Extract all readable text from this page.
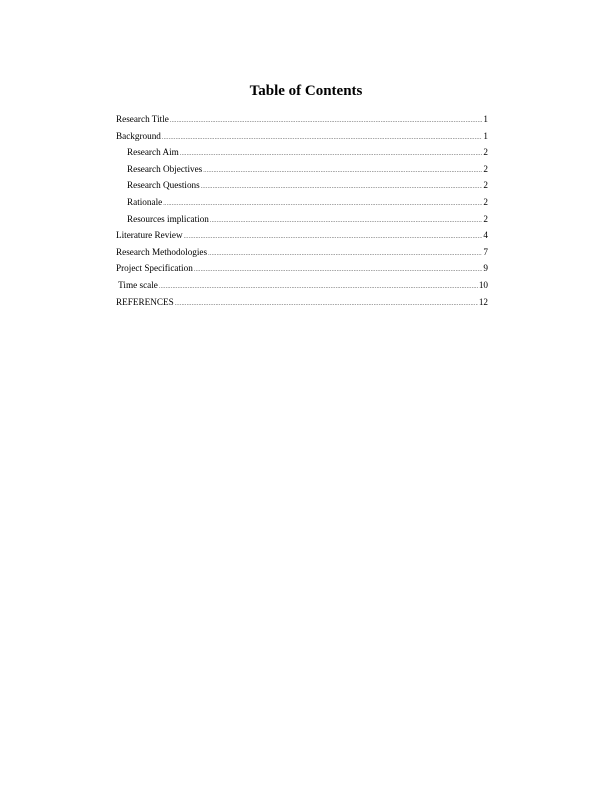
Table of Contents
Research Title .....	1
Background .....	1
Research Aim .....	2
Research Objectives .....	2
Research Questions .....	2
Rationale .....	2
Resources implication .....	2
Literature Review .....	4
Research Methodologies .....	7
Project Specification .....	9
Time scale .....	10
REFERENCES .....	12
